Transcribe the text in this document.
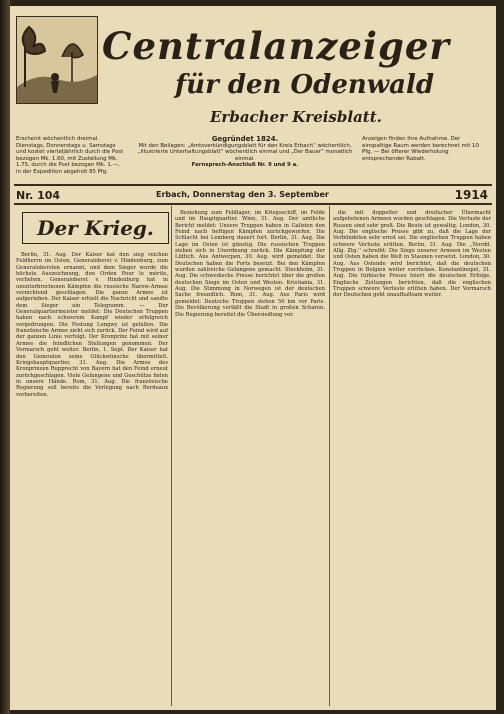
Centralanzeiger
für den Odenwald
Erbacher Kreisblatt.
Erscheint wöchentlich dreimal. Dienstags, Donnerstags u. Samstags und kostet vierteljährlich durch die Post bezogen Mk. 1.60, mit Zustellung Mk. 1.75, durch die Post bezogen Mk. 1.—, in der Expedition abgeholt 85 Pfg.
Gegründet 1824.
Mit den Beilagen: „Amtsverkündigungsblatt für den Kreis Erbach“ wöchentlich, „Illustrierte Unterhaltungsblatt“ wöchentlich einmal und „Der Bauer“ monatlich einmal.
Fernsprech-Anschluß Nr. 9 und 9 a.
Anzeigen finden Ihre Aufnahme. Der einspaltige Raum werden berechnet mit 10 Pfg. — Bei öfterer Wiederholung entsprechender Rabatt.
Nr. 104	Erbach, Donnerstag den 3. September	1914
Der Krieg.

Berlin, 31. Aug. Der Kaiser hat den sieg reichen Feldherrn im Osten, Generaloberst v. Hindenburg, zum Generalobersten ernannt, und dem Sieger wurde die höchste Auszeichnung, den Orden Pour le mérite, verliehen. Generaloberst v. Hindenburg hat in ununterbrochenen Kämpfen die russische Narew-Armee vernichtend geschlagen. Die ganze Armee ist aufgerieben. Der Kaiser erhielt die Nachricht und sandte dem Sieger ein Telegramm. — Der Generalquartiermeister meldet: Die Deutschen Truppen haben nach schwerem Kampf wieder erfolgreich vorgedrungen. Die Festung Longwy ist gefallen. Die französische Armee zieht sich zurück. Der Feind wird auf der ganzen Linie verfolgt. Der Kronprinz hat mit seiner Armee die feindlichen Stellungen genommen. Der Vormarsch geht weiter. Berlin, 1. Sept. Der Kaiser hat den Generalen seine Glückwünsche übermittelt. Kriegshauptquartier, 31. Aug. Die Armee des Kronprinzen Rupprecht von Bayern hat den Feind erneut zurückgeschlagen. Viele Gefangene und Geschütze fielen in unsere Hände. Rom, 31. Aug. Die französische Regierung soll bereits die Verlegung nach Bordeaux vorbereiten.

Beziehung zum Feldlager, im Kriegsschiff, im Felde und im Hauptquartier. Wien, 31. Aug. Der amtliche Bericht meldet: Unsere Truppen haben in Galizien den Feind nach heftigen Kämpfen zurückgeworfen. Die Schlacht bei Lemberg dauert fort. Berlin, 31. Aug. Die Lage im Osten ist günstig. Die russischen Truppen ziehen sich in Unordnung zurück. Die Kämpfung der Lüttich. Aus Antwerpen, 30. Aug. wird gemeldet: Die Deutschen haben die Forts besetzt. Bei den Kämpfen wurden zahlreiche Gefangene gemacht. Stockholm, 31. Aug. Die schwedische Presse berichtet über die großen deutschen Siege im Osten und Westen. Kristiania, 31. Aug. Die Stimmung in Norwegen ist der deutschen Sache freundlich. Rom, 31. Aug. Aus Paris wird gemeldet: Deutsche Truppen stehen 50 km vor Paris. Die Bevölkerung verläßt die Stadt in großen Scharen. Die Regierung bereitet die Übersiedlung vor.

die mit doppelter und dreifacher Übermacht aufgebotenen Armeen wurden geschlagen. Die Verluste der Russen sind sehr groß. Die Beute ist gewaltig. London, 30. Aug. Die englische Presse gibt zu, daß die Lage der Verbündeten sehr ernst sei. Die englischen Truppen haben schwere Verluste erlitten. Berlin, 31. Aug. Die ,,Nordd. Allg. Ztg.'' schreibt: Die Siege unserer Armeen im Westen und Osten haben die Welt in Staunen versetzt. London, 30. Aug. Aus Ostende wird berichtet, daß die deutschen Truppen in Belgien weiter vorrücken. Konstantinopel, 31. Aug. Die türkische Presse feiert die deutschen Erfolge. Englische Zeitungen berichten, daß die englischen Truppen schwere Verluste erlitten haben. Der Vormarsch der Deutschen geht unaufhaltsam weiter.
